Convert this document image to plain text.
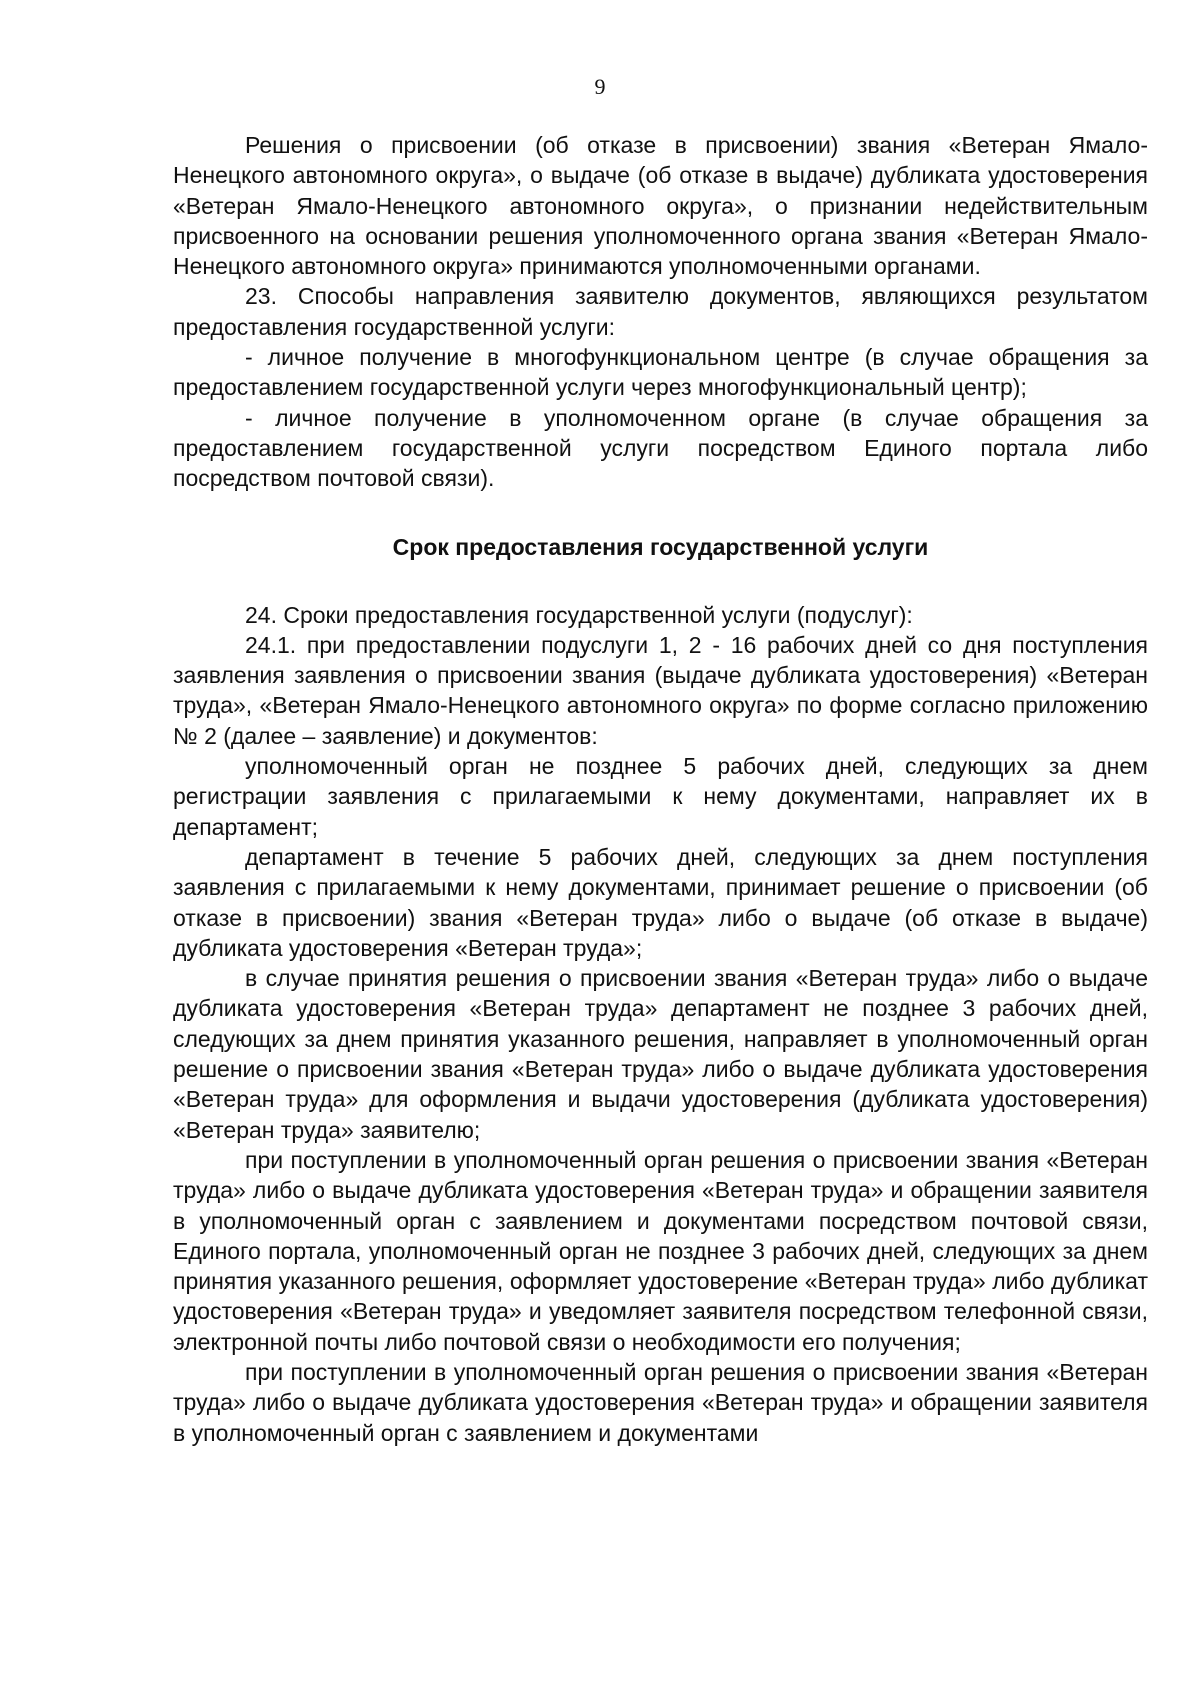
9

Решения о присвоении (об отказе в присвоении) звания «Ветеран Ямало-Ненецкого автономного округа», о выдаче (об отказе в выдаче) дубликата удостоверения «Ветеран Ямало-Ненецкого автономного округа», о признании недействительным присвоенного на основании решения уполномоченного органа звания «Ветеран Ямало-Ненецкого автономного округа» принимаются уполномоченными органами.

23. Способы направления заявителю документов, являющихся результатом предоставления государственной услуги:

- личное получение в многофункциональном центре (в случае обращения за предоставлением государственной услуги через многофункциональный центр);

- личное получение в уполномоченном органе (в случае обращения за предоставлением государственной услуги посредством Единого портала либо посредством почтовой связи).

Срок предоставления государственной услуги

24. Сроки предоставления государственной услуги (подуслуг):

24.1. при предоставлении подуслуги 1, 2 - 16 рабочих дней со дня поступления заявления заявления о присвоении звания (выдаче дубликата удостоверения) «Ветеран труда», «Ветеран Ямало-Ненецкого автономного округа» по форме согласно приложению № 2 (далее – заявление) и документов:

уполномоченный орган не позднее 5 рабочих дней, следующих за днем регистрации заявления с прилагаемыми к нему документами, направляет их в департамент;

департамент в течение 5 рабочих дней, следующих за днем поступления заявления с прилагаемыми к нему документами, принимает решение о присвоении (об отказе в присвоении) звания «Ветеран труда» либо о выдаче (об отказе в выдаче) дубликата удостоверения «Ветеран труда»;

в случае принятия решения о присвоении звания «Ветеран труда» либо о выдаче дубликата удостоверения «Ветеран труда» департамент не позднее 3 рабочих дней, следующих за днем принятия указанного решения, направляет в уполномоченный орган решение о присвоении звания «Ветеран труда» либо о выдаче дубликата удостоверения «Ветеран труда» для оформления и выдачи удостоверения (дубликата удостоверения) «Ветеран труда» заявителю;

при поступлении в уполномоченный орган решения о присвоении звания «Ветеран труда» либо о выдаче дубликата удостоверения «Ветеран труда» и обращении заявителя в уполномоченный орган с заявлением и документами посредством почтовой связи, Единого портала, уполномоченный орган не позднее 3 рабочих дней, следующих за днем принятия указанного решения, оформляет удостоверение «Ветеран труда» либо дубликат удостоверения «Ветеран труда» и уведомляет заявителя посредством телефонной связи, электронной почты либо почтовой связи о необходимости его получения;

при поступлении в уполномоченный орган решения о присвоении звания «Ветеран труда» либо о выдаче дубликата удостоверения «Ветеран труда» и обращении заявителя в уполномоченный орган с заявлением и документами
